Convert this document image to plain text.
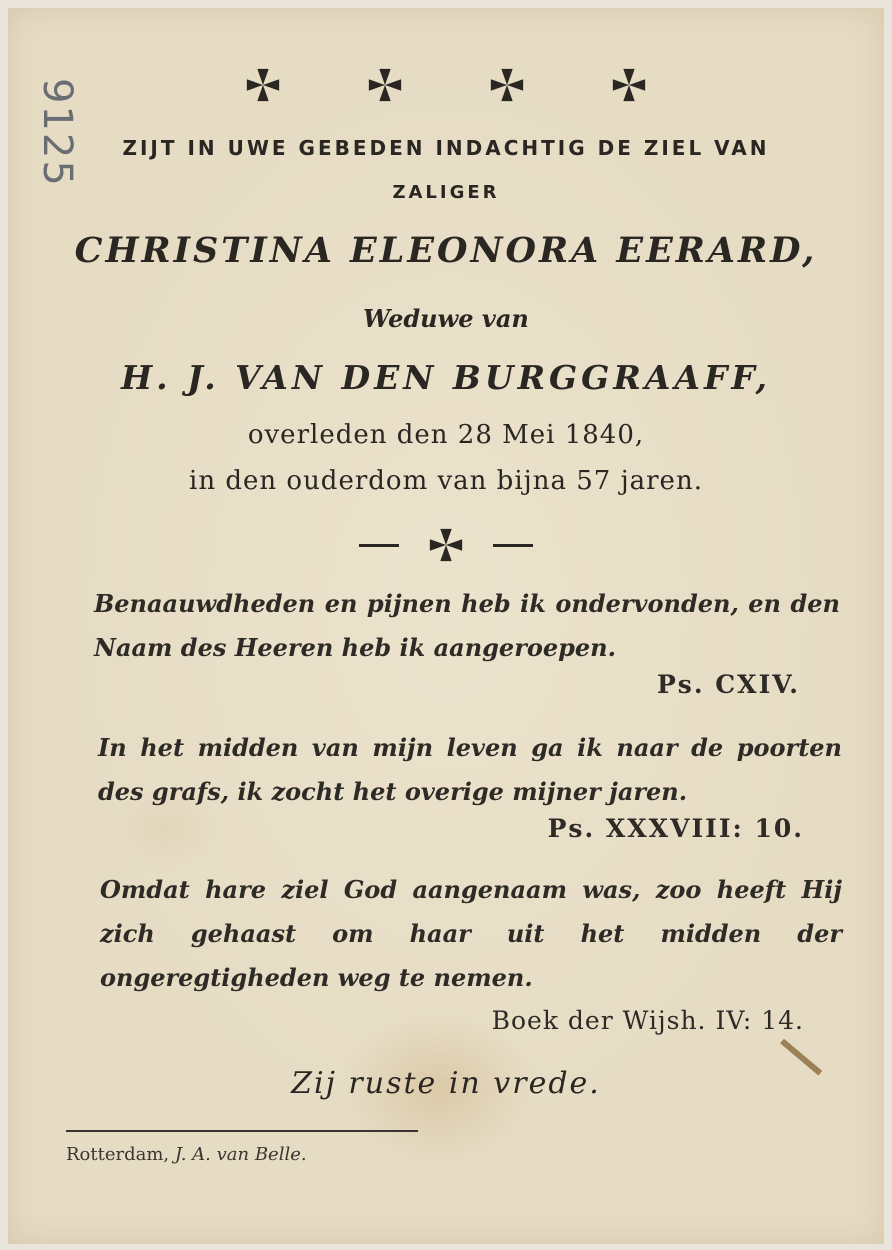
9125	ZIJT IN UWE GEBEDEN INDACHTIG DE ZIEL VAN
ZALIGER
CHRISTINA ELEONORA EERARD,
Weduwe van
H. J. VAN DEN BURGGRAAFF,
overleden den 28 Mei 1840,
in den ouderdom van bijna 57 jaren.
Benaauwdheden en pijnen heb ik ondervonden, en den Naam des Heeren heb ik aangeroepen.
Ps. CXIV.
In het midden van mijn leven ga ik naar de poorten des grafs, ik zocht het overige mijner jaren.
Ps. XXXVIII: 10.
Omdat hare ziel God aangenaam was, zoo heeft Hij zich gehaast om haar uit het midden der ongeregtigheden weg te nemen.
Boek der Wijsh. IV: 14.
Zij ruste in vrede.
Rotterdam, J. A. van Belle.
